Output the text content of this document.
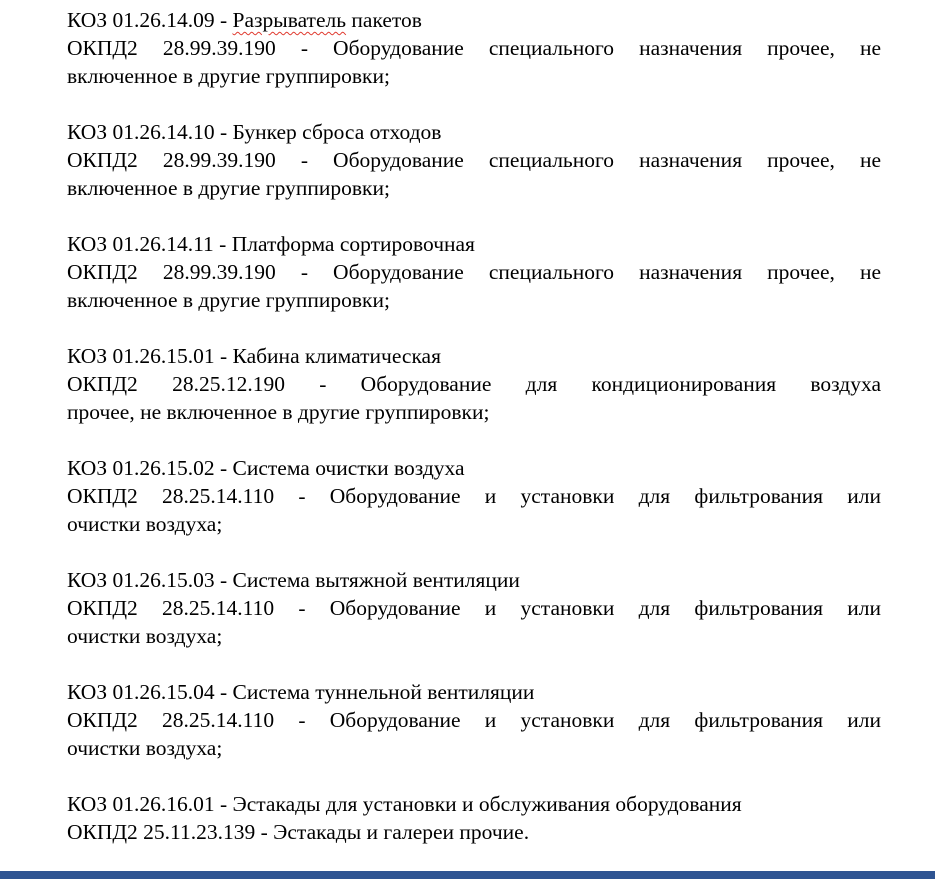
КОЗ 01.26.14.09 - Разрыватель пакетов
ОКПД2 28.99.39.190 - Оборудование специального назначения прочее, не
включенное в другие группировки;
КОЗ 01.26.14.10 - Бункер сброса отходов
ОКПД2 28.99.39.190 - Оборудование специального назначения прочее, не
включенное в другие группировки;
КОЗ 01.26.14.11 - Платформа сортировочная
ОКПД2 28.99.39.190 - Оборудование специального назначения прочее, не
включенное в другие группировки;
КОЗ 01.26.15.01 - Кабина климатическая
ОКПД2 28.25.12.190 - Оборудование для кондиционирования воздуха
прочее, не включенное в другие группировки;
КОЗ 01.26.15.02 - Система очистки воздуха
ОКПД2 28.25.14.110 - Оборудование и установки для фильтрования или
очистки воздуха;
КОЗ 01.26.15.03 - Система вытяжной вентиляции
ОКПД2 28.25.14.110 - Оборудование и установки для фильтрования или
очистки воздуха;
КОЗ 01.26.15.04 - Система туннельной вентиляции
ОКПД2 28.25.14.110 - Оборудование и установки для фильтрования или
очистки воздуха;
КОЗ 01.26.16.01 - Эстакады для установки и обслуживания оборудования
ОКПД2 25.11.23.139 - Эстакады и галереи прочие.
